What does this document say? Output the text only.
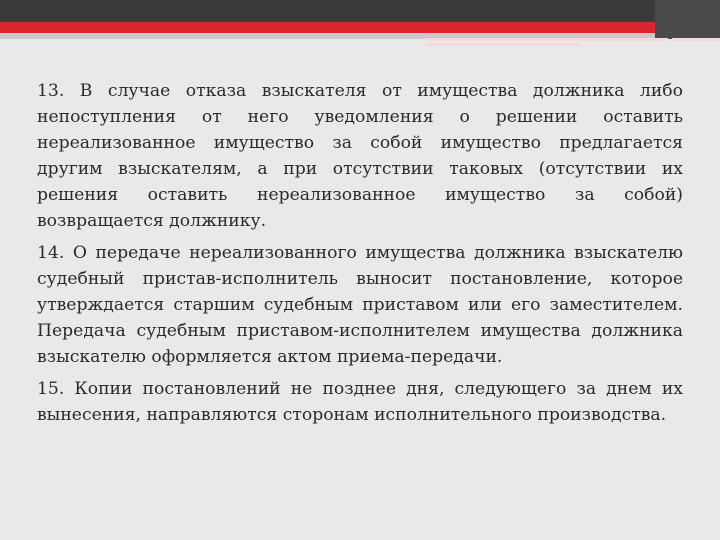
13. В случае отказа взыскателя от имущества должника либо непоступления от него уведомления о решении оставить нереализованное имущество за собой имущество предлагается другим взыскателям, а при отсутствии таковых (отсутствии их решения оставить нереализованное имущество за собой) возвращается должнику.

14. О передаче нереализованного имущества должника взыскателю судебный пристав-исполнитель выносит постановление, которое утверждается старшим судебным приставом или его заместителем. Передача судебным приставом-исполнителем имущества должника взыскателю оформляется актом приема-передачи.

15. Копии постановлений не позднее дня, следующего за днем их вынесения, направляются сторонам исполнительного производства.
